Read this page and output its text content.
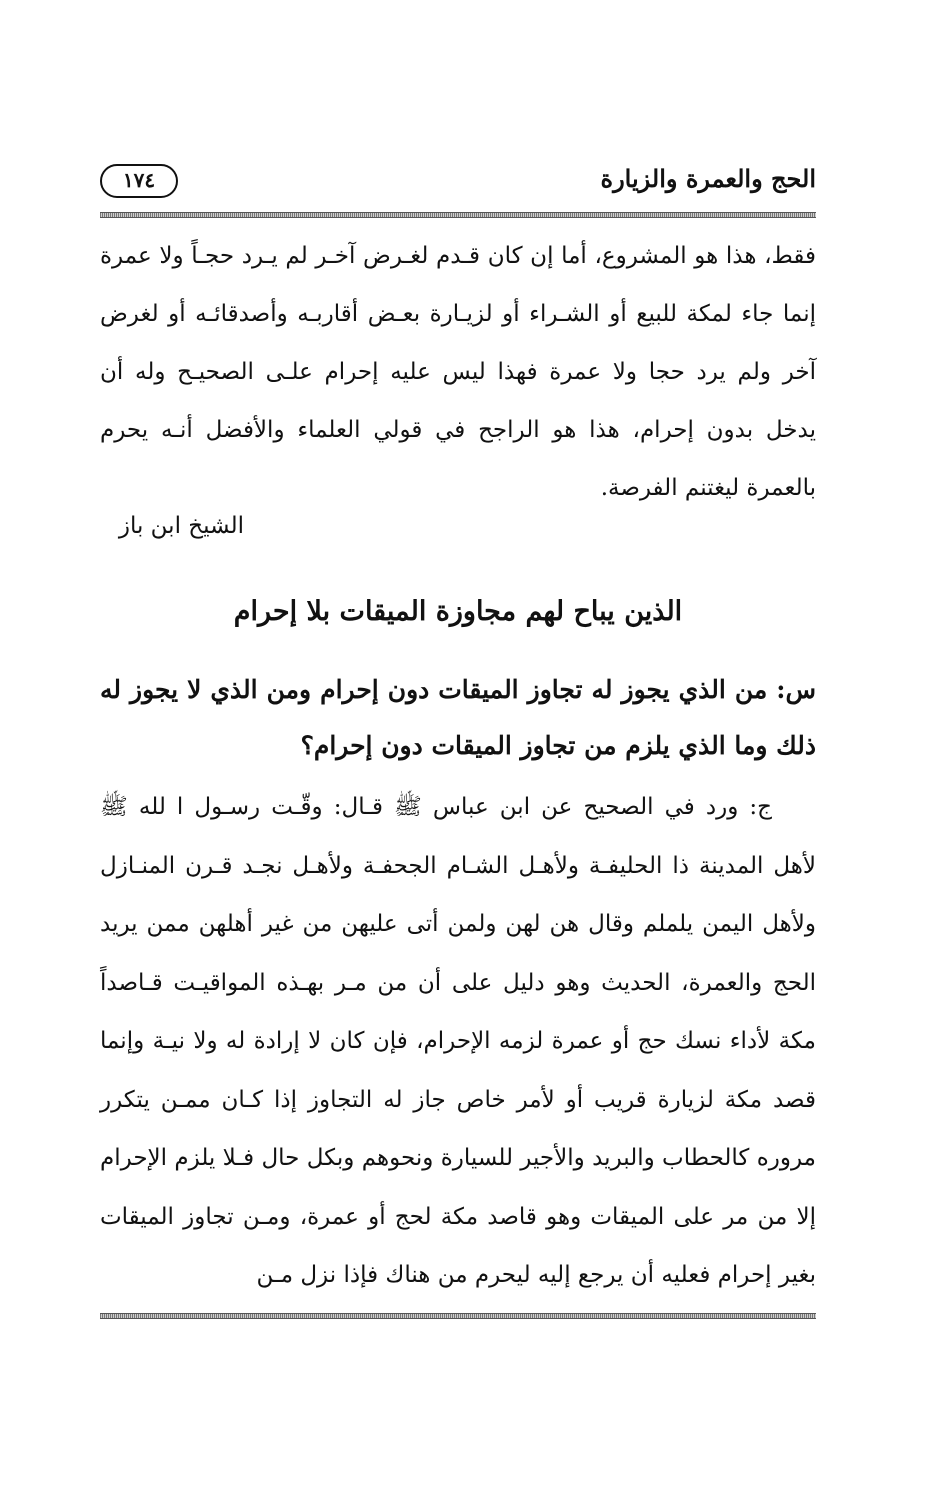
الحج والعمرة والزيارة
١٧٤
فقط، هذا هو المشروع، أما إن كان قـدم لغـرض آخـر لم يـرد حجـاً ولا عمرة إنما جاء لمكة للبيع أو الشـراء أو لزيـارة بعـض أقاربـه وأصدقائـه أو لغرض آخر ولم يرد حجا ولا عمرة فهذا ليس عليه إحرام علـى الصحيـح وله أن يدخل بدون إحرام، هذا هو الراجح في قولي العلماء والأفضل أنـه يحرم بالعمرة ليغتنم الفرصة.
الشيخ ابن باز
الذين يباح لهم مجاوزة الميقات بلا إحرام
س: من الذي يجوز له تجاوز الميقات دون إحرام ومن الذي لا يجوز له ذلك وما الذي يلزم من تجاوز الميقات دون إحرام؟
ج: ورد في الصحيح عن ابن عباس ﷺ قـال: وقّـت رسـول ا لله ﷺ لأهل المدينة ذا الحليفـة ولأهـل الشـام الجحفـة ولأهـل نجـد قـرن المنـازل ولأهل اليمن يلملم وقال هن لهن ولمن أتى عليهن من غير أهلهن ممن يريد الحج والعمرة، الحديث وهو دليل على أن من مـر بهـذه المواقيـت قـاصداً مكة لأداء نسك حج أو عمرة لزمه الإحرام، فإن كان لا إرادة له ولا نيـة وإنما قصد مكة لزيارة قريب أو لأمر خاص جاز له التجاوز إذا كـان ممـن يتكرر مروره كالحطاب والبريد والأجير للسيارة ونحوهم وبكل حال فـلا يلزم الإحرام إلا من مر على الميقات وهو قاصد مكة لحج أو عمرة، ومـن تجاوز الميقات بغير إحرام فعليه أن يرجع إليه ليحرم من هناك فإذا نزل مـن
